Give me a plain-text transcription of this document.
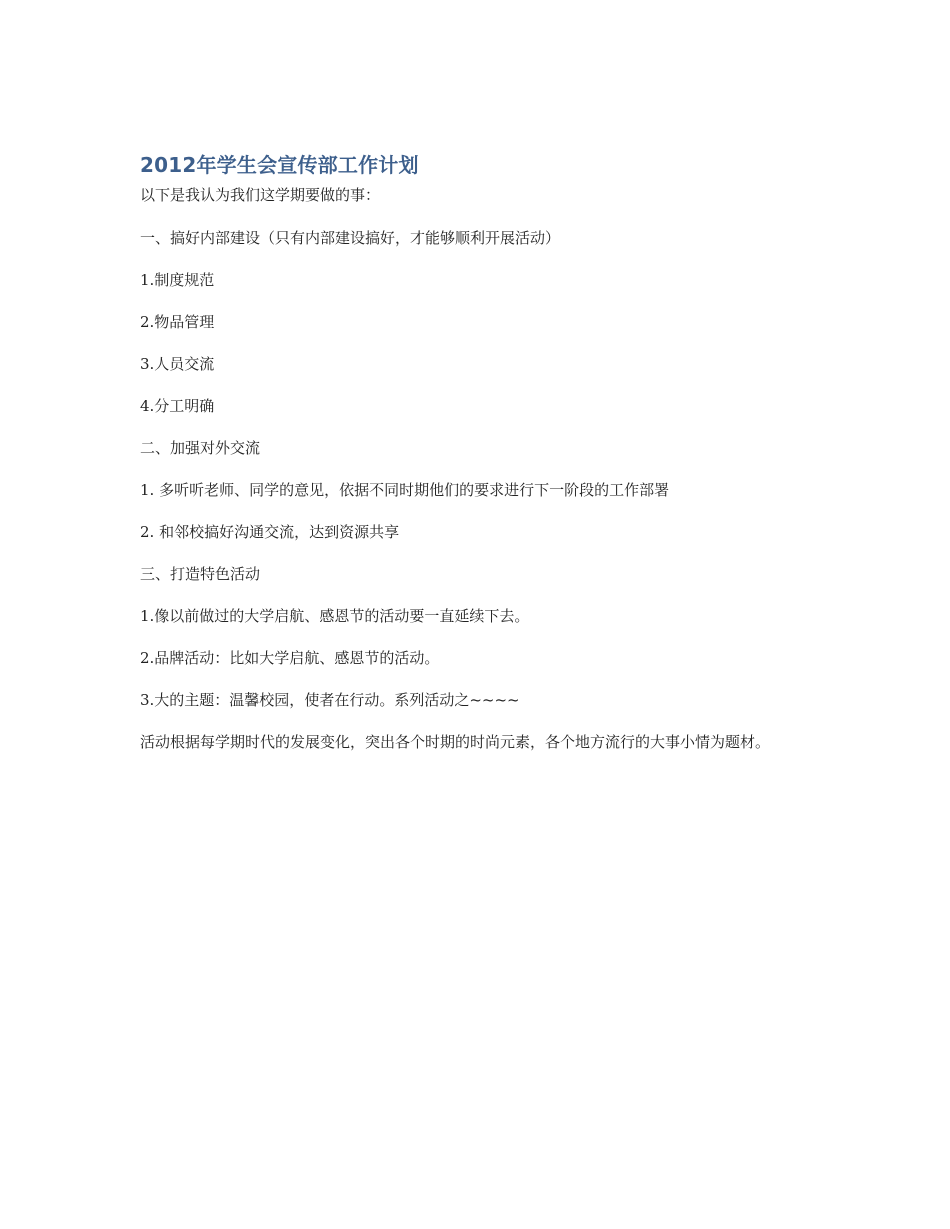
2012年学生会宣传部工作计划

以下是我认为我们这学期要做的事：

一、搞好内部建设（只有内部建设搞好，才能够顺利开展活动）

1.制度规范

2.物品管理

3.人员交流

4.分工明确

二、加强对外交流

1. 多听听老师、同学的意见，依据不同时期他们的要求进行下一阶段的工作部署

2. 和邻校搞好沟通交流，达到资源共享

三、打造特色活动

1.像以前做过的大学启航、感恩节的活动要一直延续下去。

2.品牌活动：比如大学启航、感恩节的活动。

3.大的主题：温馨校园，使者在行动。系列活动之~~~~

活动根据每学期时代的发展变化，突出各个时期的时尚元素，各个地方流行的大事小情为题材。
